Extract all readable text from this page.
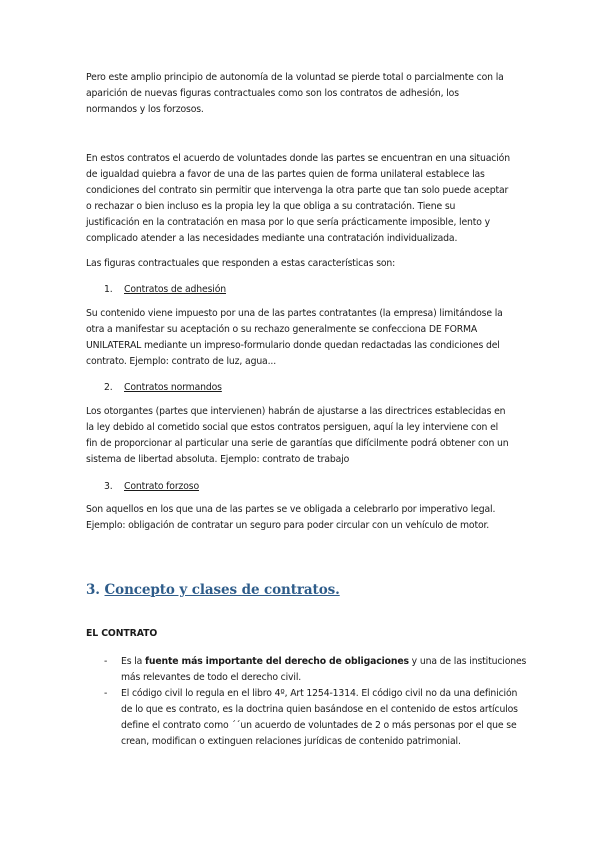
Pero este amplio principio de autonomía de la voluntad se pierde total o parcialmente con la aparición de nuevas figuras contractuales como son los contratos de adhesión, los normandos y los forzosos.

En estos contratos el acuerdo de voluntades donde las partes se encuentran en una situación de igualdad quiebra a favor de una de las partes quien de forma unilateral establece las condiciones del contrato sin permitir que intervenga la otra parte que tan solo puede aceptar o rechazar o bien incluso es la propia ley la que obliga a su contratación. Tiene su justificación en la contratación en masa por lo que sería prácticamente imposible, lento y complicado atender a las necesidades mediante una contratación individualizada.

Las figuras contractuales que responden a estas características son:

1. Contratos de adhesión

Su contenido viene impuesto por una de las partes contratantes (la empresa) limitándose la otra a manifestar su aceptación o su rechazo generalmente se confecciona DE FORMA UNILATERAL mediante un impreso-formulario donde quedan redactadas las condiciones del contrato. Ejemplo: contrato de luz, agua...

2. Contratos normandos

Los otorgantes (partes que intervienen) habrán de ajustarse a las directrices establecidas en la ley debido al cometido social que estos contratos persiguen, aquí la ley interviene con el fin de proporcionar al particular una serie de garantías que difícilmente podrá obtener con un sistema de libertad absoluta. Ejemplo: contrato de trabajo

3. Contrato forzoso

Son aquellos en los que una de las partes se ve obligada a celebrarlo por imperativo legal. Ejemplo: obligación de contratar un seguro para poder circular con un vehículo de motor.

3. Concepto y clases de contratos.
EL CONTRATO
- Es la fuente más importante del derecho de obligaciones y una de las instituciones más relevantes de todo el derecho civil.
- El código civil lo regula en el libro 4º, Art 1254-1314. El código civil no da una definición de lo que es contrato, es la doctrina quien basándose en el contenido de estos artículos define el contrato como ´´un acuerdo de voluntades de 2 o más personas por el que se crean, modifican o extinguen relaciones jurídicas de contenido patrimonial.
